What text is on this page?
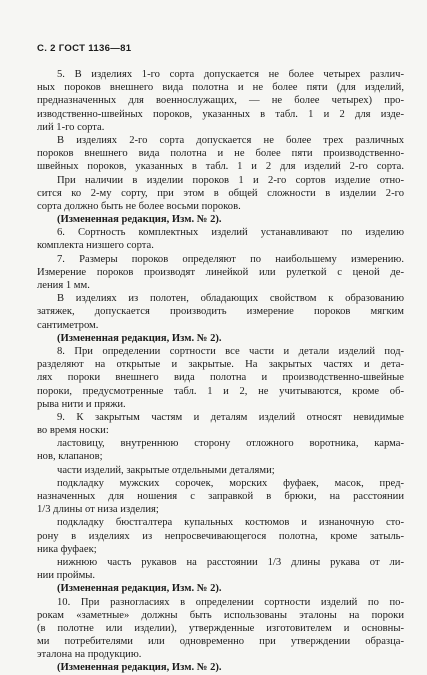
С. 2 ГОСТ 1136—81
5. В изделиях 1-го сорта допускается не более четырех различ-
ных пороков внешнего вида полотна и не более пяти (для изделий,
предназначенных для военнослужащих, — не более четырех) про-
изводственно-швейных пороков, указанных в табл. 1 и 2 для изде-
лий 1-го сорта.
В изделиях 2-го сорта допускается не более трех различных
пороков внешнего вида полотна и не более пяти производственно-
швейных пороков, указанных в табл. 1 и 2 для изделий 2-го сорта.
При наличии в изделии пороков 1 и 2-го сортов изделие отно-
сится ко 2-му сорту, при этом в общей сложности в изделии 2-го
сорта должно быть не более восьми пороков.
(Измененная редакция, Изм. № 2).
6. Сортность комплектных изделий устанавливают по изделию
комплекта низшего сорта.
7. Размеры пороков определяют по наибольшему измерению.
Измерение пороков производят линейкой или рулеткой с ценой де-
ления 1 мм.
В изделиях из полотен, обладающих свойством к образованию
затяжек, допускается производить измерение пороков мягким
сантиметром.
(Измененная редакция, Изм. № 2).
8. При определении сортности все части и детали изделий под-
разделяют на открытые и закрытые. На закрытых частях и дета-
лях пороки внешнего вида полотна и производственно-швейные
пороки, предусмотренные табл. 1 и 2, не учитываются, кроме об-
рыва нити и пряжи.
9. К закрытым частям и деталям изделий относят невидимые
во время носки:
ластовицу, внутреннюю сторону отложного воротника, карма-
нов, клапанов;
части изделий, закрытые отдельными деталями;
подкладку мужских сорочек, морских фуфаек, масок, пред-
назначенных для ношения с заправкой в брюки, на расстоянии
1/3 длины от низа изделия;
подкладку бюстгалтера купальных костюмов и изнаночную сто-
рону в изделиях из непросвечивающегося полотна, кроме затыль-
ника фуфаек;
нижнюю часть рукавов на расстоянии 1/3 длины рукава от ли-
нии проймы.
(Измененная редакция, Изм. № 2).
10. При разногласиях в определении сортности изделий по по-
рокам «заметные» должны быть использованы эталоны на пороки
(в полотне или изделии), утвержденные изготовителем и основны-
ми потребителями или одновременно при утверждении образца-
эталона на продукцию.
(Измененная редакция, Изм. № 2).
